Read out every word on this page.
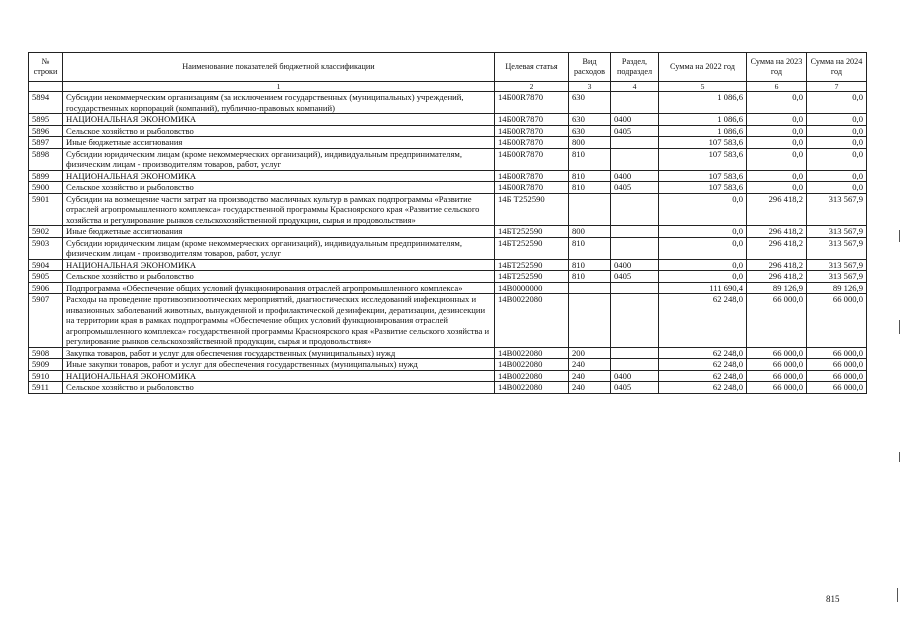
№ строки	Наименование показателей бюджетной классификации	Целевая статья	Вид расходов	Раздел, подраздел	Сумма на 2022 год	Сумма на 2023 год	Сумма на 2024 год
	1	2	3	4	5	6	7
5894	Субсидии некоммерческим организациям (за исключением государственных (муниципальных) учреждений, государственных корпораций (компаний), публично-правовых компаний)	14Б00R7870	630		1 086,6	0,0	0,0
5895	НАЦИОНАЛЬНАЯ ЭКОНОМИКА	14Б00R7870	630	0400	1 086,6	0,0	0,0
5896	Сельское хозяйство и рыболовство	14Б00R7870	630	0405	1 086,6	0,0	0,0
5897	Иные бюджетные ассигнования	14Б00R7870	800		107 583,6	0,0	0,0
5898	Субсидии юридическим лицам (кроме некоммерческих организаций), индивидуальным предпринимателям, физическим лицам - производителям товаров, работ, услуг	14Б00R7870	810		107 583,6	0,0	0,0
5899	НАЦИОНАЛЬНАЯ ЭКОНОМИКА	14Б00R7870	810	0400	107 583,6	0,0	0,0
5900	Сельское хозяйство и рыболовство	14Б00R7870	810	0405	107 583,6	0,0	0,0
5901	Субсидии на возмещение части затрат на производство масличных культур в рамках подпрограммы «Развитие отраслей агропромышленного комплекса» государственной программы Красноярского края «Развитие сельского хозяйства и регулирование рынков сельскохозяйственной продукции, сырья и продовольствия»	14Б Т252590			0,0	296 418,2	313 567,9
5902	Иные бюджетные ассигнования	14БТ252590	800		0,0	296 418,2	313 567,9
5903	Субсидии юридическим лицам (кроме некоммерческих организаций), индивидуальным предпринимателям, физическим лицам - производителям товаров, работ, услуг	14БТ252590	810		0,0	296 418,2	313 567,9
5904	НАЦИОНАЛЬНАЯ ЭКОНОМИКА	14БТ252590	810	0400	0,0	296 418,2	313 567,9
5905	Сельское хозяйство и рыболовство	14БТ252590	810	0405	0,0	296 418,2	313 567,9
5906	Подпрограмма «Обеспечение общих условий функционирования отраслей агропромышленного комплекса»	14В0000000			111 690,4	89 126,9	89 126,9
5907	Расходы на проведение противоэпизоотических мероприятий, диагностических исследований инфекционных и инвазионных заболеваний животных, вынужденной и профилактической дезинфекции, дератизации, дезинсекции на территории края в рамках подпрограммы «Обеспечение общих условий функционирования отраслей агропромышленного комплекса» государственной программы Красноярского края «Развитие сельского хозяйства и регулирование рынков сельскохозяйственной продукции, сырья и продовольствия»	14В0022080			62 248,0	66 000,0	66 000,0
5908	Закупка товаров, работ и услуг для обеспечения государственных (муниципальных) нужд	14В0022080	200		62 248,0	66 000,0	66 000,0
5909	Иные закупки товаров, работ и услуг для обеспечения государственных (муниципальных) нужд	14В0022080	240		62 248,0	66 000,0	66 000,0
5910	НАЦИОНАЛЬНАЯ ЭКОНОМИКА	14В0022080	240	0400	62 248,0	66 000,0	66 000,0
5911	Сельское хозяйство и рыболовство	14В0022080	240	0405	62 248,0	66 000,0	66 000,0
815
